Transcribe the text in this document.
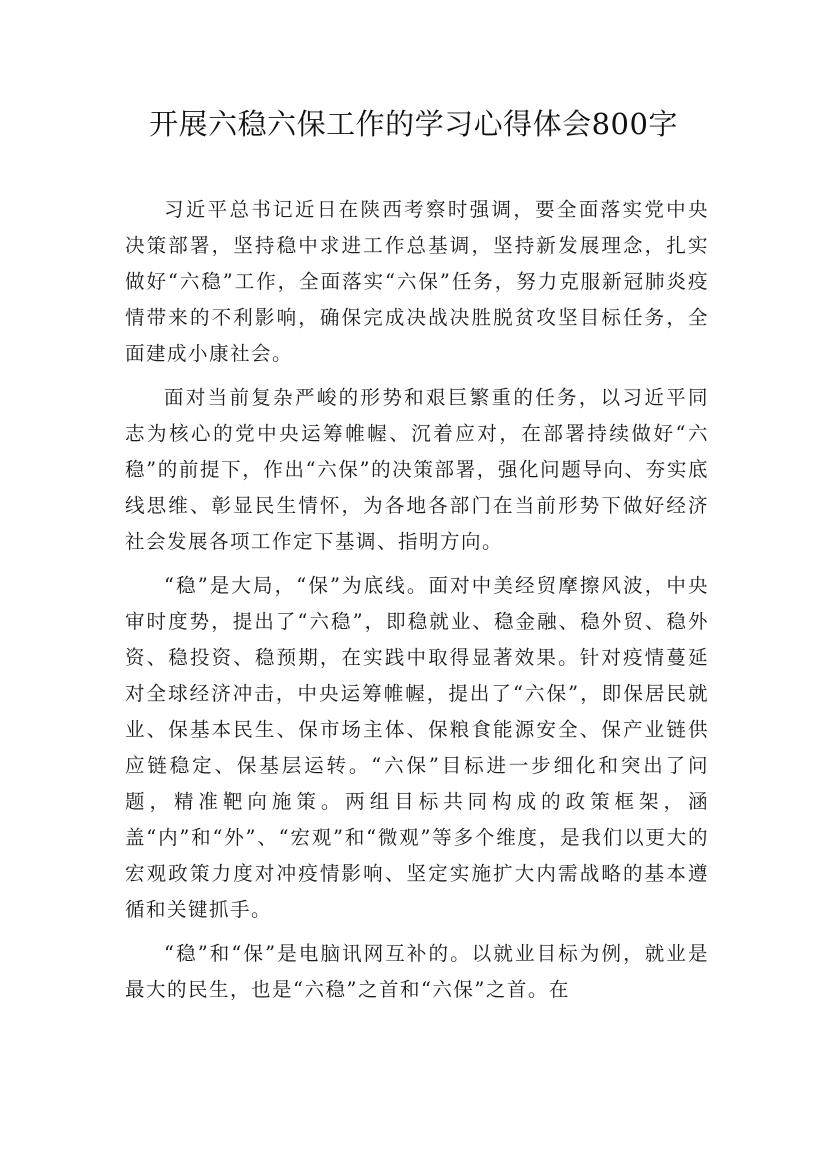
开展六稳六保工作的学习心得体会800字

习近平总书记近日在陕西考察时强调，要全面落实党中央决策部署，坚持稳中求进工作总基调，坚持新发展理念，扎实做好“六稳”工作，全面落实“六保”任务，努力克服新冠肺炎疫情带来的不利影响，确保完成决战决胜脱贫攻坚目标任务，全面建成小康社会。

面对当前复杂严峻的形势和艰巨繁重的任务，以习近平同志为核心的党中央运筹帷幄、沉着应对，在部署持续做好“六稳”的前提下，作出“六保”的决策部署，强化问题导向、夯实底线思维、彰显民生情怀，为各地各部门在当前形势下做好经济社会发展各项工作定下基调、指明方向。

“稳”是大局，“保”为底线。面对中美经贸摩擦风波，中央审时度势，提出了“六稳”，即稳就业、稳金融、稳外贸、稳外资、稳投资、稳预期，在实践中取得显著效果。针对疫情蔓延对全球经济冲击，中央运筹帷幄，提出了“六保”，即保居民就业、保基本民生、保市场主体、保粮食能源安全、保产业链供应链稳定、保基层运转。“六保”目标进一步细化和突出了问题，精准靶向施策。两组目标共同构成的政策框架，涵盖“内”和“外”、“宏观”和“微观”等多个维度，是我们以更大的宏观政策力度对冲疫情影响、坚定实施扩大内需战略的基本遵循和关键抓手。

“稳”和“保”是电脑讯网互补的。以就业目标为例，就业是最大的民生，也是“六稳”之首和“六保”之首。在
